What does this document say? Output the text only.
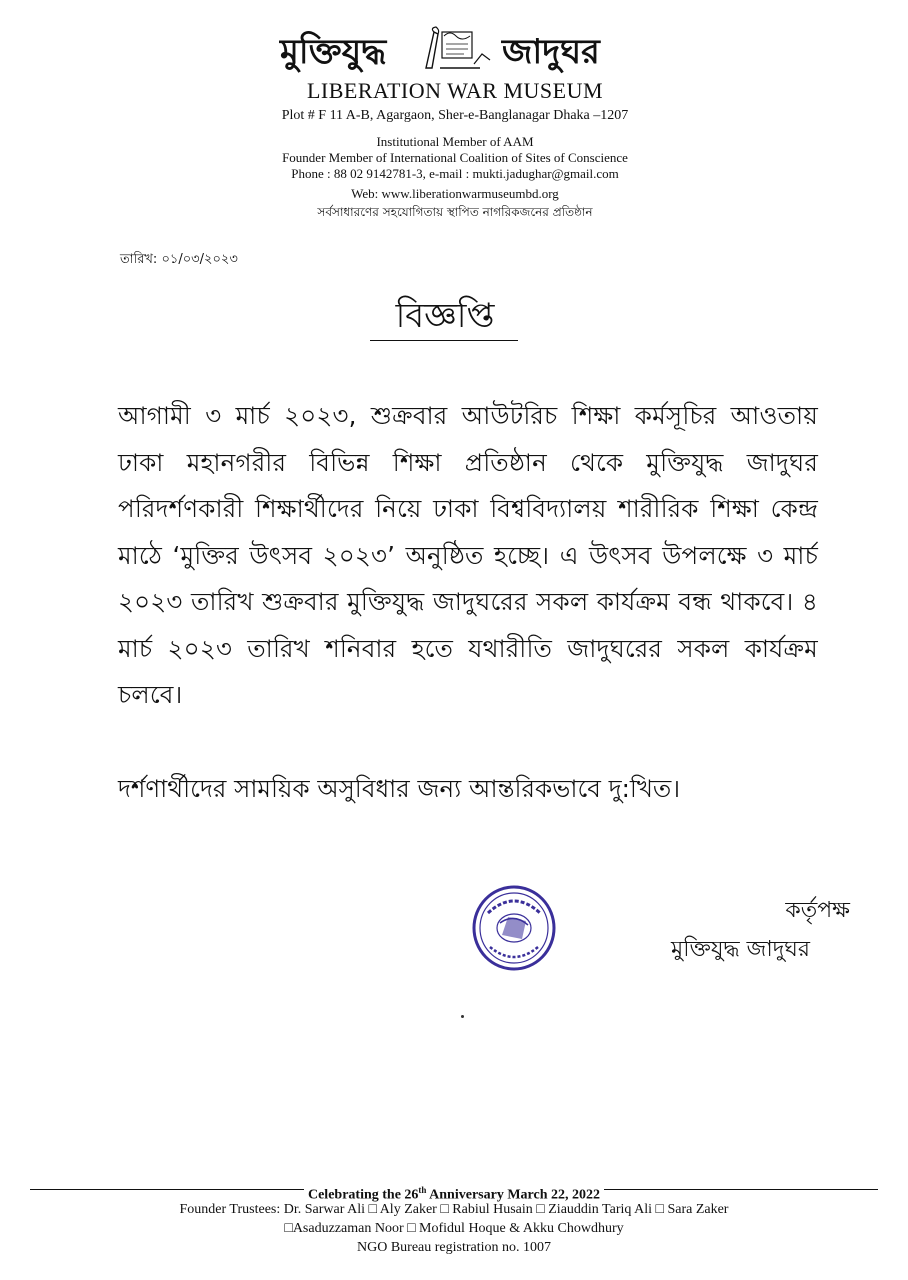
মুক্তিযুদ্ধ	জাদুঘর
LIBERATION WAR MUSEUM
Plot # F 11 A-B, Agargaon, Sher-e-Banglanagar Dhaka –1207
Institutional Member of AAM
Founder Member of International Coalition of Sites of Conscience
Phone : 88 02 9142781-3, e-mail : mukti.jadughar@gmail.com
Web: www.liberationwarmuseumbd.org
সর্বসাধারণের সহযোগিতায় স্থাপিত নাগরিকজনের প্রতিষ্ঠান
তারিখ: ০১/০৩/২০২৩
বিজ্ঞপ্তি
আগামী ৩ মার্চ ২০২৩, শুক্রবার আউটরিচ শিক্ষা কর্মসূচির আওতায় ঢাকা মহানগরীর বিভিন্ন শিক্ষা প্রতিষ্ঠান থেকে মুক্তিযুদ্ধ জাদুঘর পরিদর্শণকারী শিক্ষার্থীদের নিয়ে ঢাকা বিশ্ববিদ্যালয় শারীরিক শিক্ষা কেন্দ্র মাঠে ‘মুক্তির উৎসব ২০২৩’ অনুষ্ঠিত হচ্ছে। এ উৎসব উপলক্ষে ৩ মার্চ ২০২৩ তারিখ শুক্রবার মুক্তিযুদ্ধ জাদুঘরের সকল কার্যক্রম বন্ধ থাকবে। ৪ মার্চ ২০২৩ তারিখ শনিবার হতে যথারীতি জাদুঘরের সকল কার্যক্রম চলবে।
দর্শণার্থীদের সাময়িক অসুবিধার জন্য আন্তরিকভাবে দু:খিত।
কর্তৃপক্ষ
মুক্তিযুদ্ধ জাদুঘর
Celebrating the 26th Anniversary March 22, 2022
Founder Trustees: Dr. Sarwar Ali □ Aly Zaker □ Rabiul Husain □ Ziauddin Tariq Ali □ Sara Zaker
□Asaduzzaman Noor □ Mofidul Hoque & Akku Chowdhury
NGO Bureau registration no. 1007
